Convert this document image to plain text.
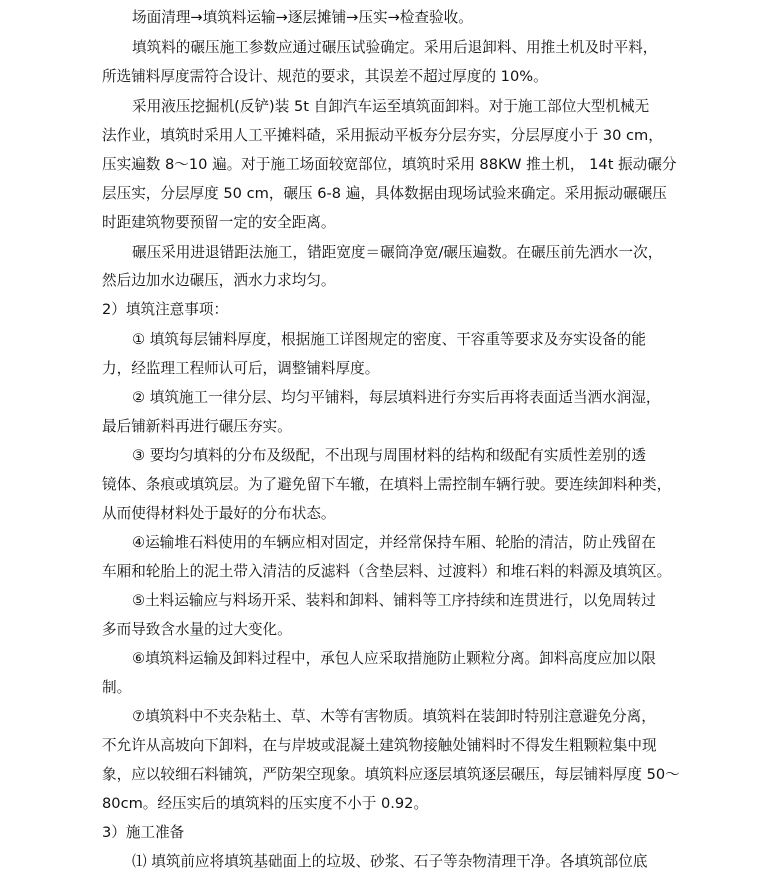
场面清理→填筑料运输→逐层摊铺→压实→检查验收。
填筑料的碾压施工参数应通过碾压试验确定。采用后退卸料、用推土机及时平料，
所选铺料厚度需符合设计、规范的要求，其误差不超过厚度的 10%。
采用液压挖掘机(反铲)装 5t 自卸汽车运至填筑面卸料。对于施工部位大型机械无
法作业，填筑时采用人工平摊料碴，采用振动平板夯分层夯实，分层厚度小于 30 cm，
压实遍数 8～10 遍。对于施工场面较宽部位，填筑时采用 88KW 推土机， 14t 振动碾分
层压实，分层厚度 50 cm，碾压 6-8 遍，具体数据由现场试验来确定。采用振动碾碾压
时距建筑物要预留一定的安全距离。
碾压采用进退错距法施工，错距宽度＝碾筒净宽/碾压遍数。在碾压前先洒水一次，
然后边加水边碾压，洒水力求均匀。
2）填筑注意事项：
① 填筑每层铺料厚度，根据施工详图规定的密度、干容重等要求及夯实设备的能
力，经监理工程师认可后，调整铺料厚度。
② 填筑施工一律分层、均匀平铺料，每层填料进行夯实后再将表面适当洒水润湿，
最后铺新料再进行碾压夯实。
③ 要均匀填料的分布及级配，不出现与周围材料的结构和级配有实质性差别的透
镜体、条痕或填筑层。为了避免留下车辙，在填料上需控制车辆行驶。要连续卸料种类，
从而使得材料处于最好的分布状态。
④运输堆石料使用的车辆应相对固定，并经常保持车厢、轮胎的清洁，防止残留在
车厢和轮胎上的泥土带入清洁的反滤料（含垫层料、过渡料）和堆石料的料源及填筑区。
⑤土料运输应与料场开采、装料和卸料、铺料等工序持续和连贯进行，以免周转过
多而导致含水量的过大变化。
⑥填筑料运输及卸料过程中，承包人应采取措施防止颗粒分离。卸料高度应加以限
制。
⑦填筑料中不夹杂粘土、草、木等有害物质。填筑料在装卸时特别注意避免分离，
不允许从高坡向下卸料，在与岸坡或混凝土建筑物接触处铺料时不得发生粗颗粒集中现
象，应以较细石料铺筑，严防架空现象。填筑料应逐层填筑逐层碾压，每层铺料厚度 50～
80cm。经压实后的填筑料的压实度不小于 0.92。
3）施工准备
⑴ 填筑前应将填筑基础面上的垃圾、砂浆、石子等杂物清理干净。各填筑部位底
